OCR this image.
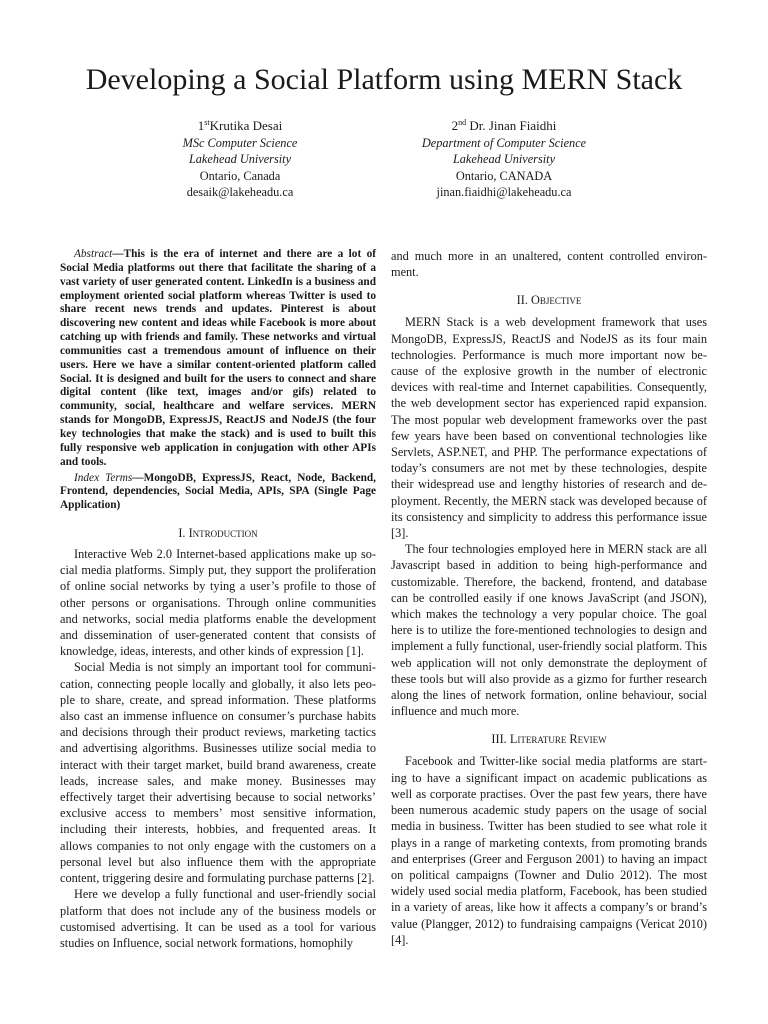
Developing a Social Platform using MERN Stack
1stKrutika Desai
MSc Computer Science
Lakehead University
Ontario, Canada
desaik@lakeheadu.ca
2nd Dr. Jinan Fiaidhi
Department of Computer Science
Lakehead University
Ontario, CANADA
jinan.fiaidhi@lakeheadu.ca

Abstract—This is the era of internet and there are a lot of Social Media platforms out there that facilitate the sharing of a vast variety of user generated content. LinkedIn is a business and employment oriented social platform whereas Twitter is used to share recent news trends and updates. Pinterest is about discovering new content and ideas while Facebook is more about catching up with friends and family. These networks and virtual communities cast a tremendous amount of influence on their users. Here we have a similar content-oriented platform called Social. It is designed and built for the users to connect and share digital content (like text, images and/or gifs) related to community, social, healthcare and welfare services. MERN stands for MongoDB, ExpressJS, ReactJS and NodeJS (the four key technologies that make the stack) and is used to built this fully responsive web application in conjugation with other APIs and tools.

Index Terms—MongoDB, ExpressJS, React, Node, Backend, Frontend, dependencies, Social Media, APIs, SPA (Single Page Application)

I. Introduction

Interactive Web 2.0 Internet-based applications make up social media platforms. Simply put, they support the proliferation of online social networks by tying a user’s profile to those of other persons or organisations. Through online communities and networks, social media platforms enable the development and dissemination of user-generated content that consists of knowledge, ideas, interests, and other kinds of expression [1].

Social Media is not simply an important tool for communication, connecting people locally and globally, it also lets people to share, create, and spread information. These platforms also cast an immense influence on consumer’s purchase habits and decisions through their product reviews, marketing tactics and advertising algorithms. Businesses utilize social media to interact with their target market, build brand awareness, create leads, increase sales, and make money. Businesses may effectively target their advertising because to social networks’ exclusive access to members’ most sensitive information, including their interests, hobbies, and frequented areas. It allows companies to not only engage with the customers on a personal level but also influence them with the appropriate content, triggering desire and formulating purchase patterns [2].

Here we develop a fully functional and user-friendly social platform that does not include any of the business models or customised advertising. It can be used as a tool for various studies on Influence, social network formations, homophily

and much more in an unaltered, content controlled environment.

II. Objective

MERN Stack is a web development framework that uses MongoDB, ExpressJS, ReactJS and NodeJS as its four main technologies. Performance is much more important now because of the explosive growth in the number of electronic devices with real-time and Internet capabilities. Consequently, the web development sector has experienced rapid expansion. The most popular web development frameworks over the past few years have been based on conventional technologies like Servlets, ASP.NET, and PHP. The performance expectations of today’s consumers are not met by these technologies, despite their widespread use and lengthy histories of research and deployment. Recently, the MERN stack was developed because of its consistency and simplicity to address this performance issue [3].

The four technologies employed here in MERN stack are all Javascript based in addition to being high-performance and customizable. Therefore, the backend, frontend, and database can be controlled easily if one knows JavaScript (and JSON), which makes the technology a very popular choice. The goal here is to utilize the fore-mentioned technologies to design and implement a fully functional, user-friendly social platform. This web application will not only demonstrate the deployment of these tools but will also provide as a gizmo for further research along the lines of network formation, online behaviour, social influence and much more.

III. Literature Review

Facebook and Twitter-like social media platforms are starting to have a significant impact on academic publications as well as corporate practises. Over the past few years, there have been numerous academic study papers on the usage of social media in business. Twitter has been studied to see what role it plays in a range of marketing contexts, from promoting brands and enterprises (Greer and Ferguson 2001) to having an impact on political campaigns (Towner and Dulio 2012). The most widely used social media platform, Facebook, has been studied in a variety of areas, like how it affects a company’s or brand’s value (Plangger, 2012) to fundraising campaigns (Vericat 2010) [4].
